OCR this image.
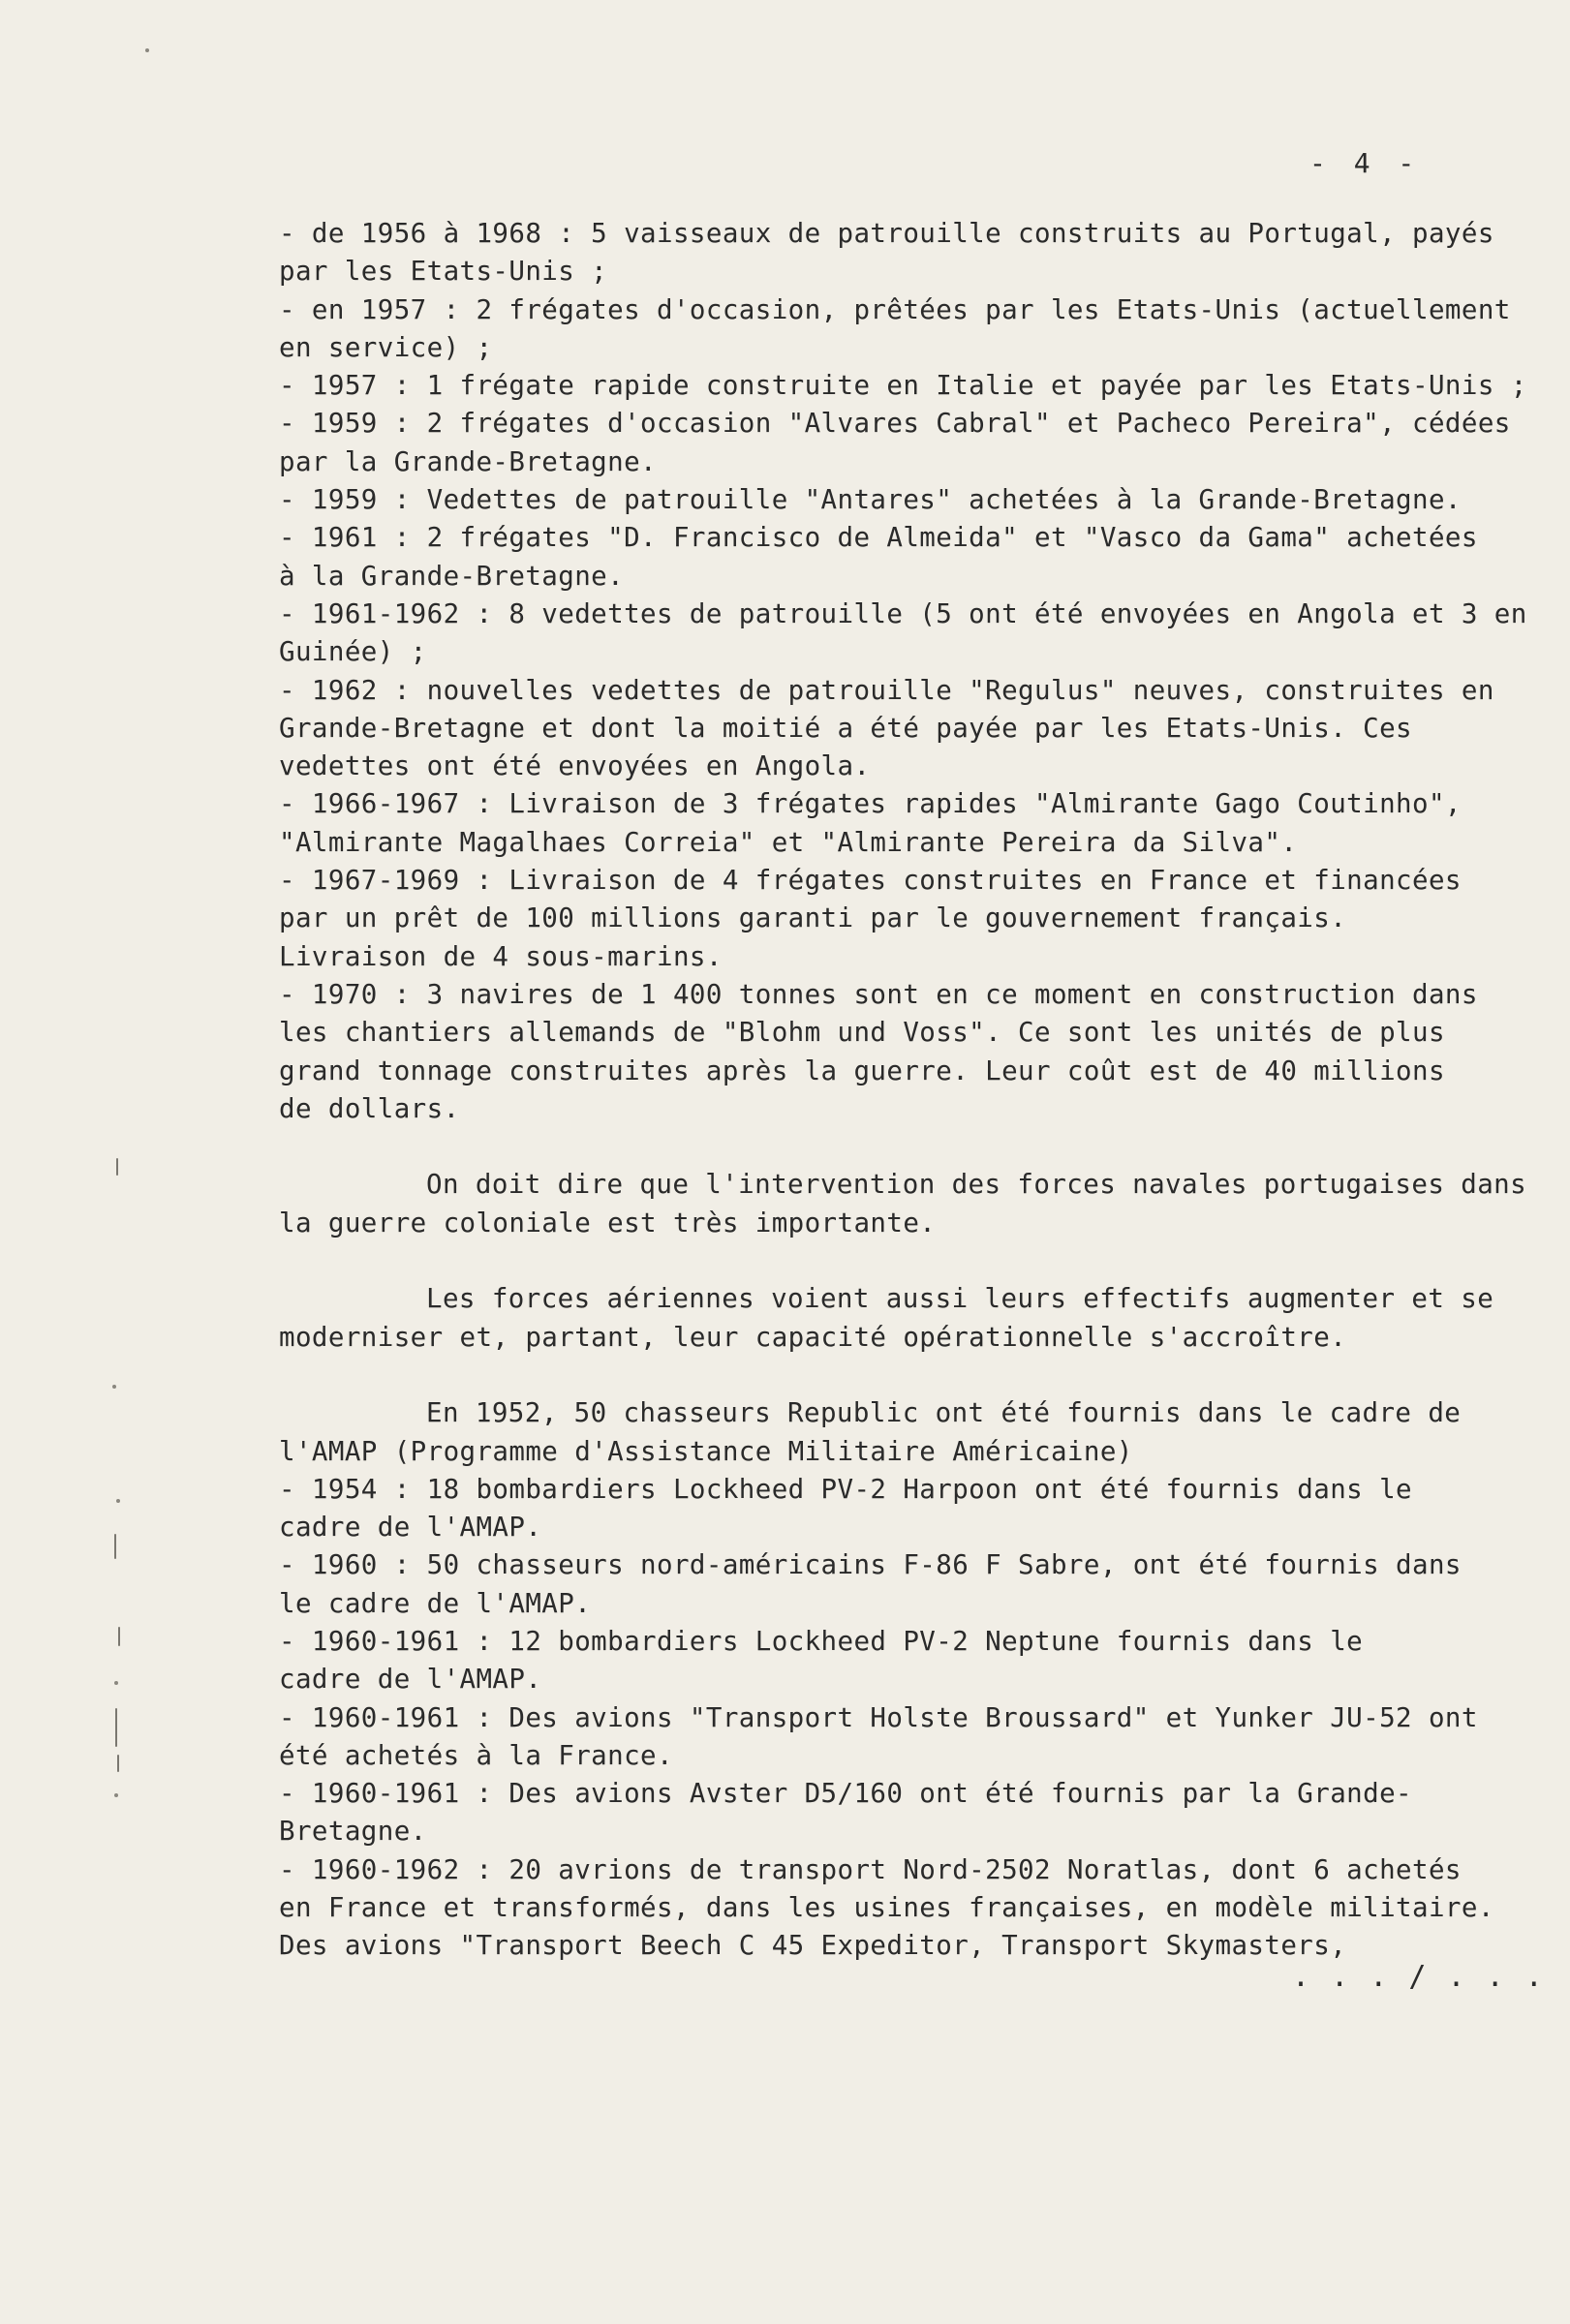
- 4 -
- de 1956 à 1968 : 5 vaisseaux de patrouille construits au Portugal, payés
par les Etats-Unis ;
- en 1957 : 2 frégates d'occasion, prêtées par les Etats-Unis (actuellement
en service) ;
- 1957 : 1 frégate rapide construite en Italie et payée par les Etats-Unis ;
- 1959 : 2 frégates d'occasion "Alvares Cabral" et Pacheco Pereira", cédées
par la Grande-Bretagne.
- 1959 : Vedettes de patrouille "Antares" achetées à la Grande-Bretagne.
- 1961 : 2 frégates "D. Francisco de Almeida" et "Vasco da Gama" achetées
à la Grande-Bretagne.
- 1961-1962 : 8 vedettes de patrouille (5 ont été envoyées en Angola et 3 en
Guinée) ;
- 1962 : nouvelles vedettes de patrouille "Regulus" neuves, construites en
Grande-Bretagne et dont la moitié a été payée par les Etats-Unis. Ces
vedettes ont été envoyées en Angola.
- 1966-1967 : Livraison de 3 frégates rapides "Almirante Gago Coutinho",
"Almirante Magalhaes Correia" et "Almirante Pereira da Silva".
- 1967-1969 : Livraison de 4 frégates construites en France et financées
par un prêt de 100 millions garanti par le gouvernement français.
Livraison de 4 sous-marins.
- 1970 : 3 navires de 1 400 tonnes sont en ce moment en construction dans
les chantiers allemands de "Blohm und Voss". Ce sont les unités de plus
grand tonnage construites après la guerre. Leur coût est de 40 millions
de dollars.
On doit dire que l'intervention des forces navales portugaises dans
la guerre coloniale est très importante.
Les forces aériennes voient aussi leurs effectifs augmenter et se
moderniser et, partant, leur capacité opérationnelle s'accroître.
En 1952, 50 chasseurs Republic ont été fournis dans le cadre de
l'AMAP (Programme d'Assistance Militaire Américaine)
- 1954 : 18 bombardiers Lockheed PV-2 Harpoon ont été fournis dans le
cadre de l'AMAP.
- 1960 : 50 chasseurs nord-américains F-86 F Sabre, ont été fournis dans
le cadre de l'AMAP.
- 1960-1961 : 12 bombardiers Lockheed PV-2 Neptune fournis dans le
cadre de l'AMAP.
- 1960-1961 : Des avions "Transport Holste Broussard" et Yunker JU-52 ont
été achetés à la France.
- 1960-1961 : Des avions Avster D5/160 ont été fournis par la Grande-
Bretagne.
- 1960-1962 : 20 avrions de transport Nord-2502 Noratlas, dont 6 achetés
en France et transformés, dans les usines françaises, en modèle militaire.
Des avions "Transport Beech C 45 Expeditor, Transport Skymasters,
. . . / . . .
